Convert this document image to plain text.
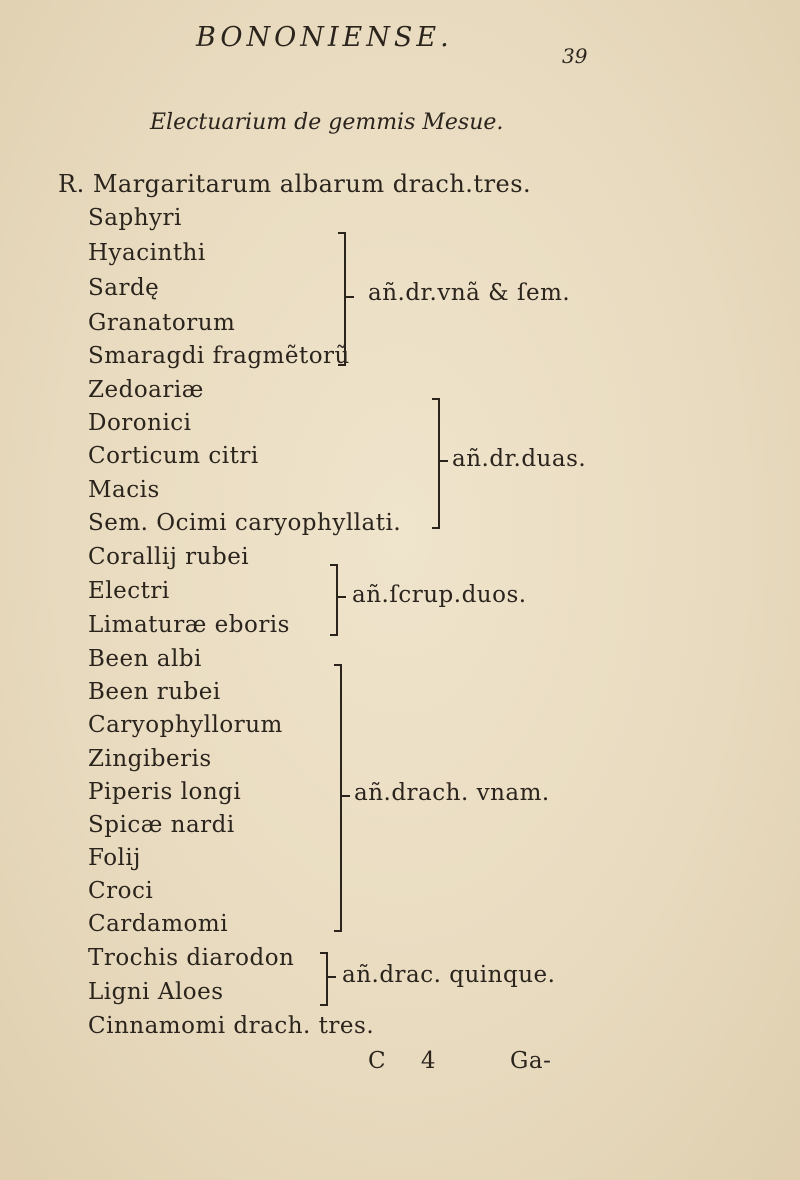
BONONIENSE.
39
Electuarium de gemmis Mesue.
R. Margaritarum albarum drach.tres.
Saphyri
Hyacinthi
Sardę
Granatorum
Smaragdi fragmẽtorũ
añ.dr.vnã & ſem.
Zedoariæ
Doronici
Corticum citri
Macis
Sem. Ocimi caryophyllati.
añ.dr.duas.
Corallij rubei
Electri
Limaturæ eboris
añ.ſcrup.duos.
Been albi
Been rubei
Caryophyllorum
Zingiberis
Piperis longi
Spicæ nardi
Folij
Croci
Cardamomi
añ.drach. vnam.
Trochis diarodon
Ligni Aloes
añ.drac. quinque.
Cinnamomi drach. tres.
C 4	Ga-
